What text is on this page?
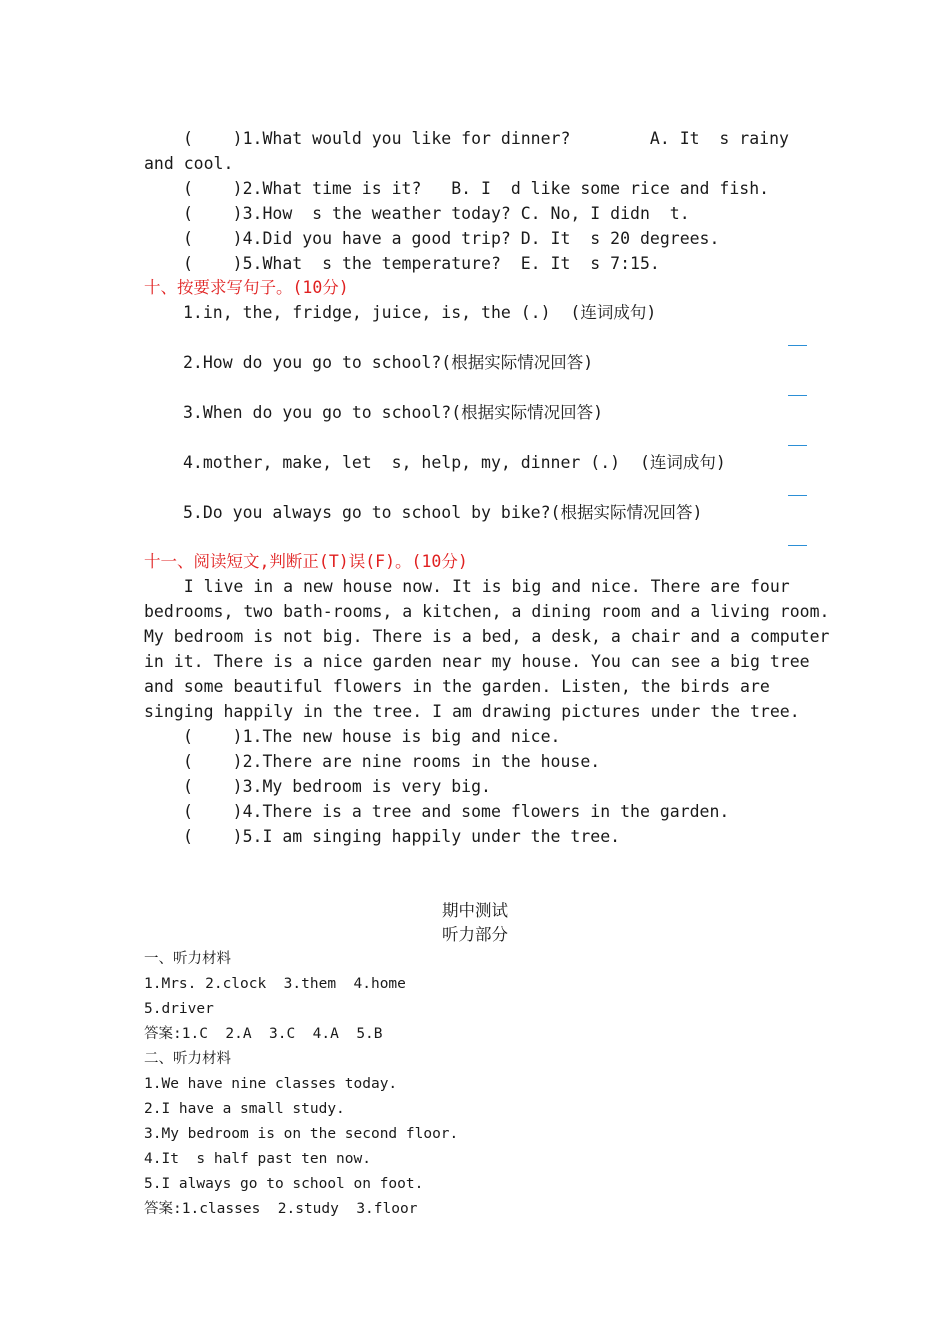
(    )1.What would you like for dinner?        A. It  s rainy
and cool.
(    )2.What time is it?   B. I  d like some rice and fish.
(    )3.How  s the weather today? C. No, I didn  t.
(    )4.Did you have a good trip? D. It  s 20 degrees.
(    )5.What  s the temperature?  E. It  s 7:15.
十、按要求写句子。(10分)
1.in, the, fridge, juice, is, the (.)  (连词成句)
2.How do you go to school?(根据实际情况回答)
3.When do you go to school?(根据实际情况回答)
4.mother, make, let  s, help, my, dinner (.)  (连词成句)
5.Do you always go to school by bike?(根据实际情况回答)
十一、阅读短文,判断正(T)误(F)。(10分)
I live in a new house now. It is big and nice. There are four
bedrooms, two bath-rooms, a kitchen, a dining room and a living room.
My bedroom is not big. There is a bed, a desk, a chair and a computer
in it. There is a nice garden near my house. You can see a big tree
and some beautiful flowers in the garden. Listen, the birds are
singing happily in the tree. I am drawing pictures under the tree.
(    )1.The new house is big and nice.
(    )2.There are nine rooms in the house.
(    )3.My bedroom is very big.
(    )4.There is a tree and some flowers in the garden.
(    )5.I am singing happily under the tree.
期中测试
听力部分
一、听力材料
1.Mrs. 2.clock  3.them  4.home
5.driver
答案:1.C  2.A  3.C  4.A  5.B
二、听力材料
1.We have nine classes today.
2.I have a small study.
3.My bedroom is on the second floor.
4.It  s half past ten now.
5.I always go to school on foot.
答案:1.classes  2.study  3.floor
